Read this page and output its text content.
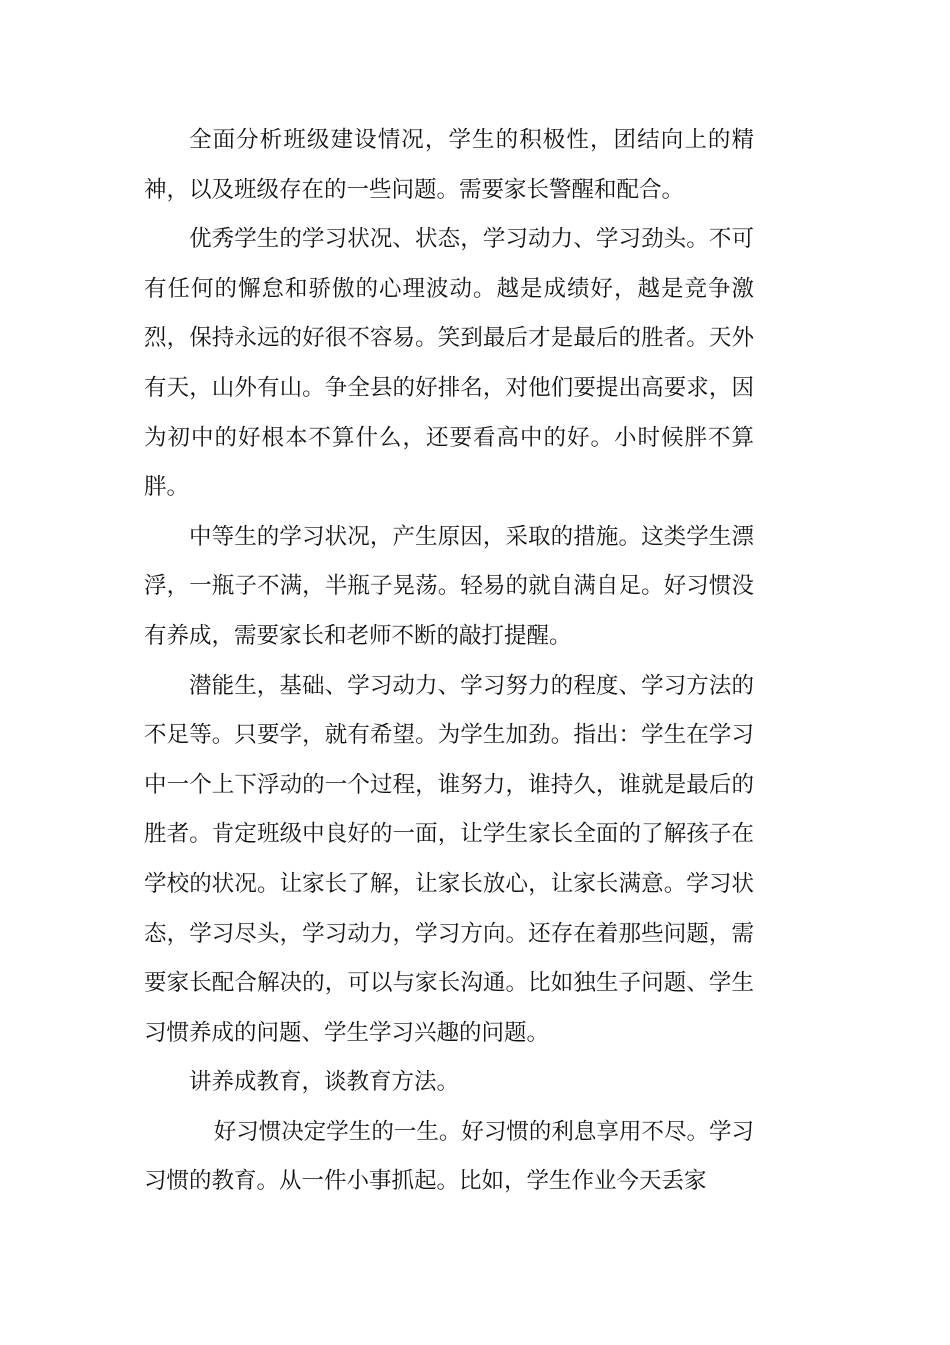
全面分析班级建设情况，学生的积极性，团结向上的精神，以及班级存在的一些问题。需要家长警醒和配合。

优秀学生的学习状况、状态，学习动力、学习劲头。不可有任何的懈怠和骄傲的心理波动。越是成绩好，越是竞争激烈，保持永远的好很不容易。笑到最后才是最后的胜者。天外有天，山外有山。争全县的好排名，对他们要提出高要求，因为初中的好根本不算什么，还要看高中的好。小时候胖不算胖。

中等生的学习状况，产生原因，采取的措施。这类学生漂浮，一瓶子不满，半瓶子晃荡。轻易的就自满自足。好习惯没有养成，需要家长和老师不断的敲打提醒。

潜能生，基础、学习动力、学习努力的程度、学习方法的不足等。只要学，就有希望。为学生加劲。指出：学生在学习中一个上下浮动的一个过程，谁努力，谁持久，谁就是最后的胜者。肯定班级中良好的一面，让学生家长全面的了解孩子在学校的状况。让家长了解，让家长放心，让家长满意。学习状态，学习尽头，学习动力，学习方向。还存在着那些问题，需要家长配合解决的，可以与家长沟通。比如独生子问题、学生习惯养成的问题、学生学习兴趣的问题。

讲养成教育，谈教育方法。

好习惯决定学生的一生。好习惯的利息享用不尽。学习习惯的教育。从一件小事抓起。比如，学生作业今天丢家
